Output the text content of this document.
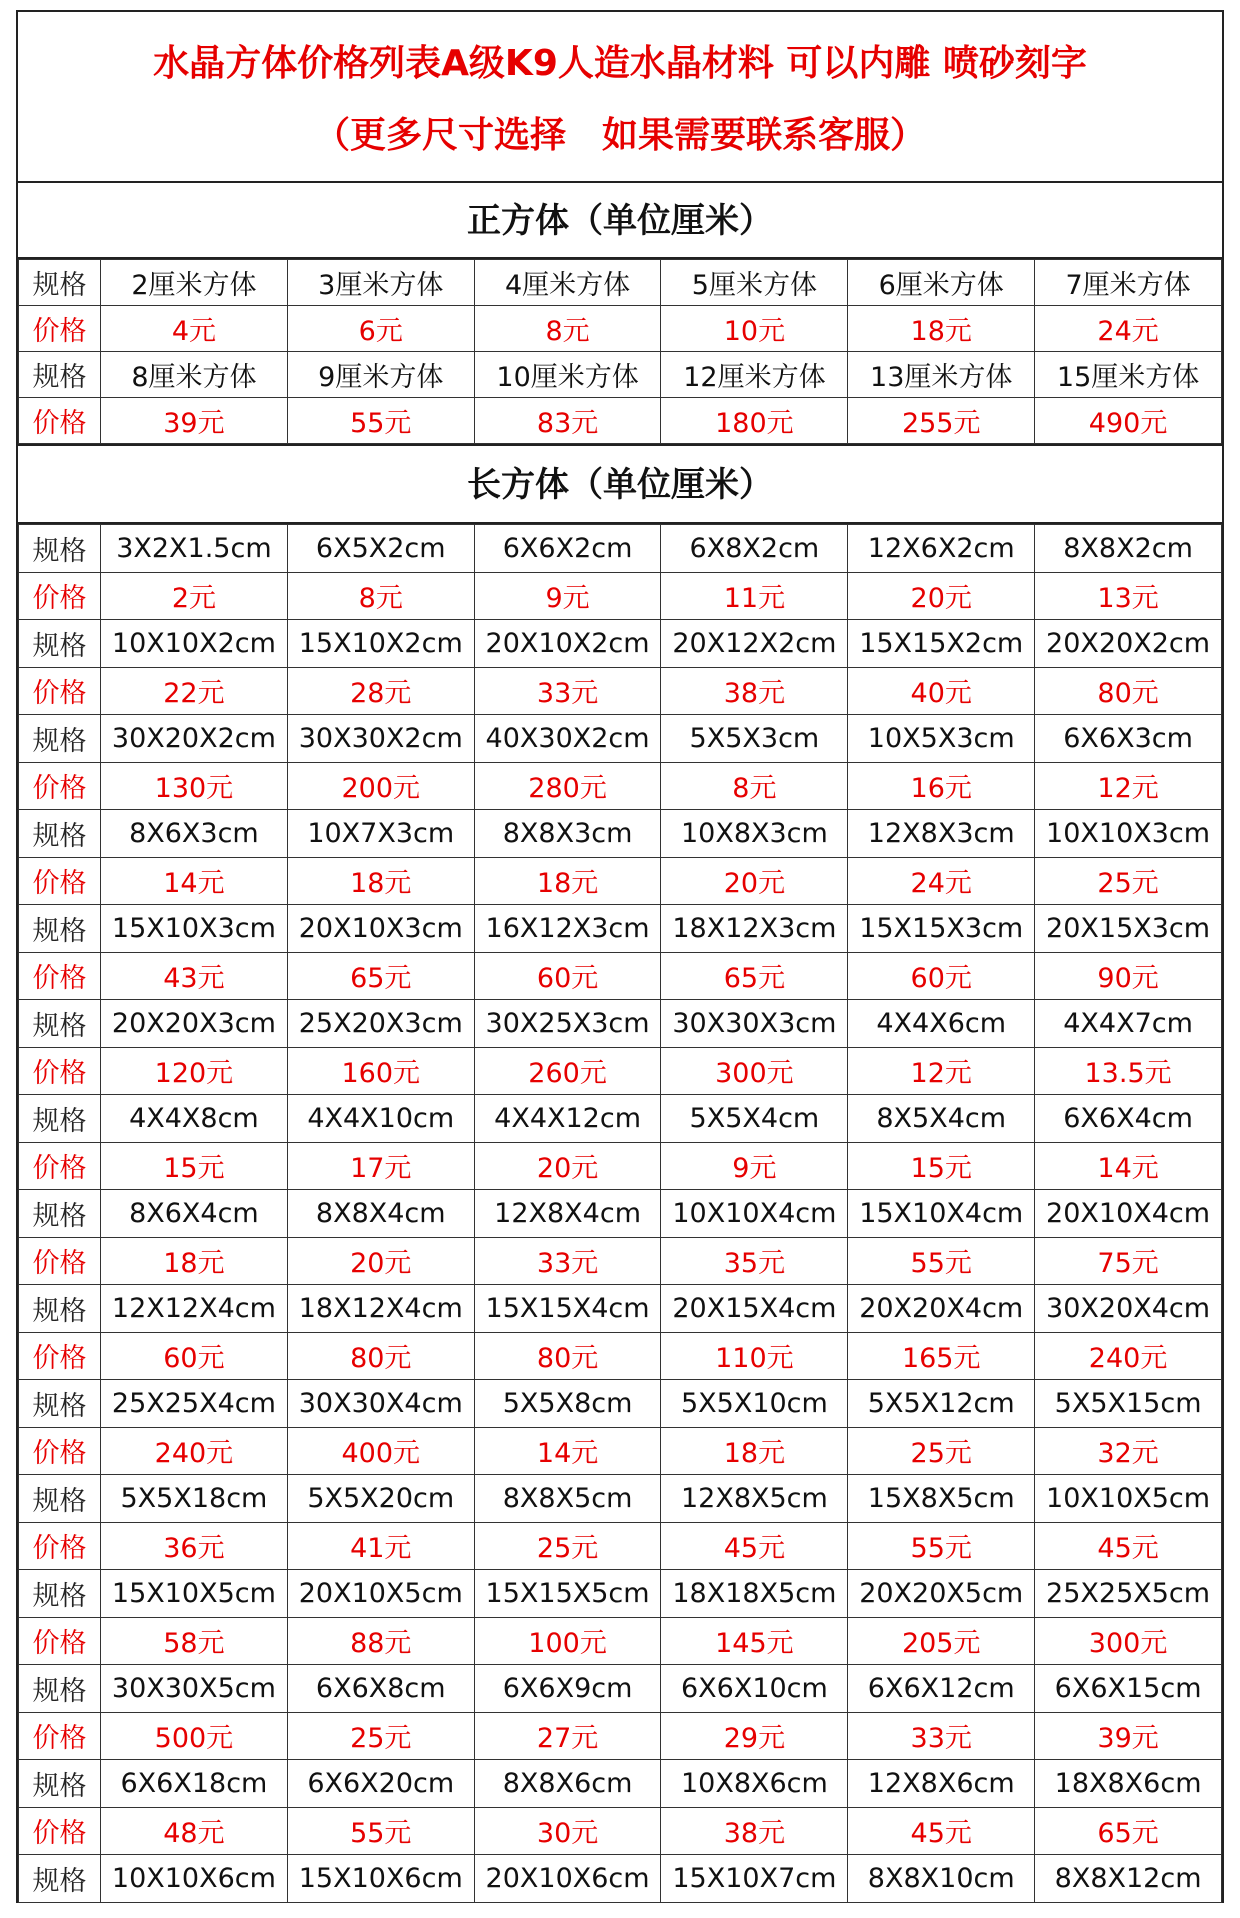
水晶方体价格列表A级K9人造水晶材料 可以内雕 喷砂刻字
（更多尺寸选择　如果需要联系客服）
正方体（单位厘米）
规格	2厘米方体	3厘米方体	4厘米方体	5厘米方体	6厘米方体	7厘米方体
价格	4元	6元	8元	10元	18元	24元
规格	8厘米方体	9厘米方体	10厘米方体	12厘米方体	13厘米方体	15厘米方体
价格	39元	55元	83元	180元	255元	490元
长方体（单位厘米）
规格	3X2X1.5cm	6X5X2cm	6X6X2cm	6X8X2cm	12X6X2cm	8X8X2cm
价格	2元	8元	9元	11元	20元	13元
规格	10X10X2cm	15X10X2cm	20X10X2cm	20X12X2cm	15X15X2cm	20X20X2cm
价格	22元	28元	33元	38元	40元	80元
规格	30X20X2cm	30X30X2cm	40X30X2cm	5X5X3cm	10X5X3cm	6X6X3cm
价格	130元	200元	280元	8元	16元	12元
规格	8X6X3cm	10X7X3cm	8X8X3cm	10X8X3cm	12X8X3cm	10X10X3cm
价格	14元	18元	18元	20元	24元	25元
规格	15X10X3cm	20X10X3cm	16X12X3cm	18X12X3cm	15X15X3cm	20X15X3cm
价格	43元	65元	60元	65元	60元	90元
规格	20X20X3cm	25X20X3cm	30X25X3cm	30X30X3cm	4X4X6cm	4X4X7cm
价格	120元	160元	260元	300元	12元	13.5元
规格	4X4X8cm	4X4X10cm	4X4X12cm	5X5X4cm	8X5X4cm	6X6X4cm
价格	15元	17元	20元	9元	15元	14元
规格	8X6X4cm	8X8X4cm	12X8X4cm	10X10X4cm	15X10X4cm	20X10X4cm
价格	18元	20元	33元	35元	55元	75元
规格	12X12X4cm	18X12X4cm	15X15X4cm	20X15X4cm	20X20X4cm	30X20X4cm
价格	60元	80元	80元	110元	165元	240元
规格	25X25X4cm	30X30X4cm	5X5X8cm	5X5X10cm	5X5X12cm	5X5X15cm
价格	240元	400元	14元	18元	25元	32元
规格	5X5X18cm	5X5X20cm	8X8X5cm	12X8X5cm	15X8X5cm	10X10X5cm
价格	36元	41元	25元	45元	55元	45元
规格	15X10X5cm	20X10X5cm	15X15X5cm	18X18X5cm	20X20X5cm	25X25X5cm
价格	58元	88元	100元	145元	205元	300元
规格	30X30X5cm	6X6X8cm	6X6X9cm	6X6X10cm	6X6X12cm	6X6X15cm
价格	500元	25元	27元	29元	33元	39元
规格	6X6X18cm	6X6X20cm	8X8X6cm	10X8X6cm	12X8X6cm	18X8X6cm
价格	48元	55元	30元	38元	45元	65元
规格	10X10X6cm	15X10X6cm	20X10X6cm	15X10X7cm	8X8X10cm	8X8X12cm
